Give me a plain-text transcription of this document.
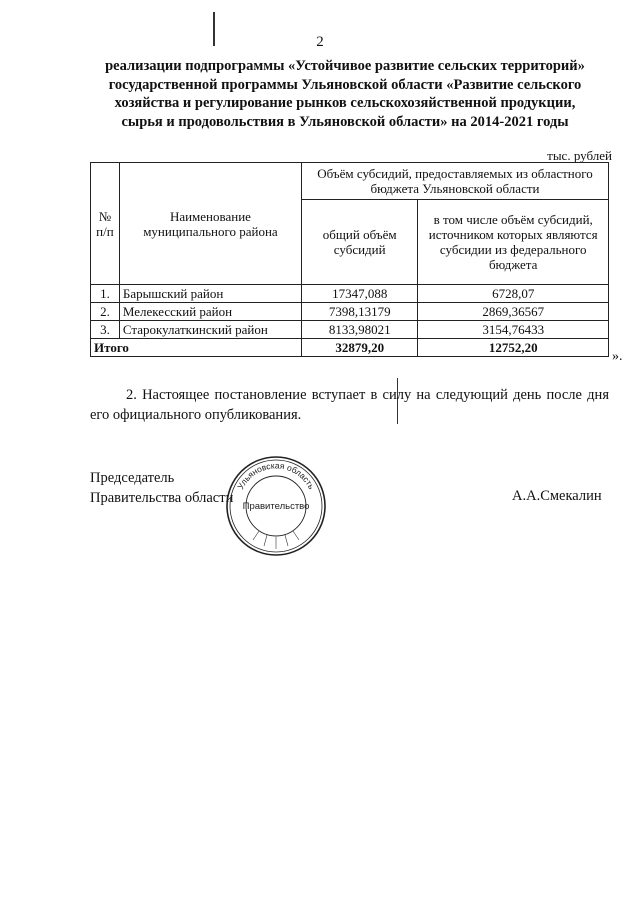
2
реализации подпрограммы «Устойчивое развитие сельских территорий»
государственной программы Ульяновской области «Развитие сельского
хозяйства и регулирование рынков сельскохозяйственной продукции,
сырья и продовольствия в Ульяновской области» на 2014-2021 годы
тыс. рублей
№ п/п	Наименование муниципального района	Объём субсидий, предоставляемых из областного бюджета Ульяновской области	
		общий объём субсидий	в том числе объём субсидий, источником которых являются субсидии из федерального бюджета
1.	Барышский район	17347,088	6728,07
2.	Мелекесский район	7398,13179	2869,36567
3.	Старокулаткинский район	8133,98021	3154,76433
Итого		32879,20	12752,20
».
2. Настоящее постановление вступает в силу на следующий день после дня его официального опубликования.
Председатель
Правительства области
Ульяновская область
Правительство
А.А.Смекалин
